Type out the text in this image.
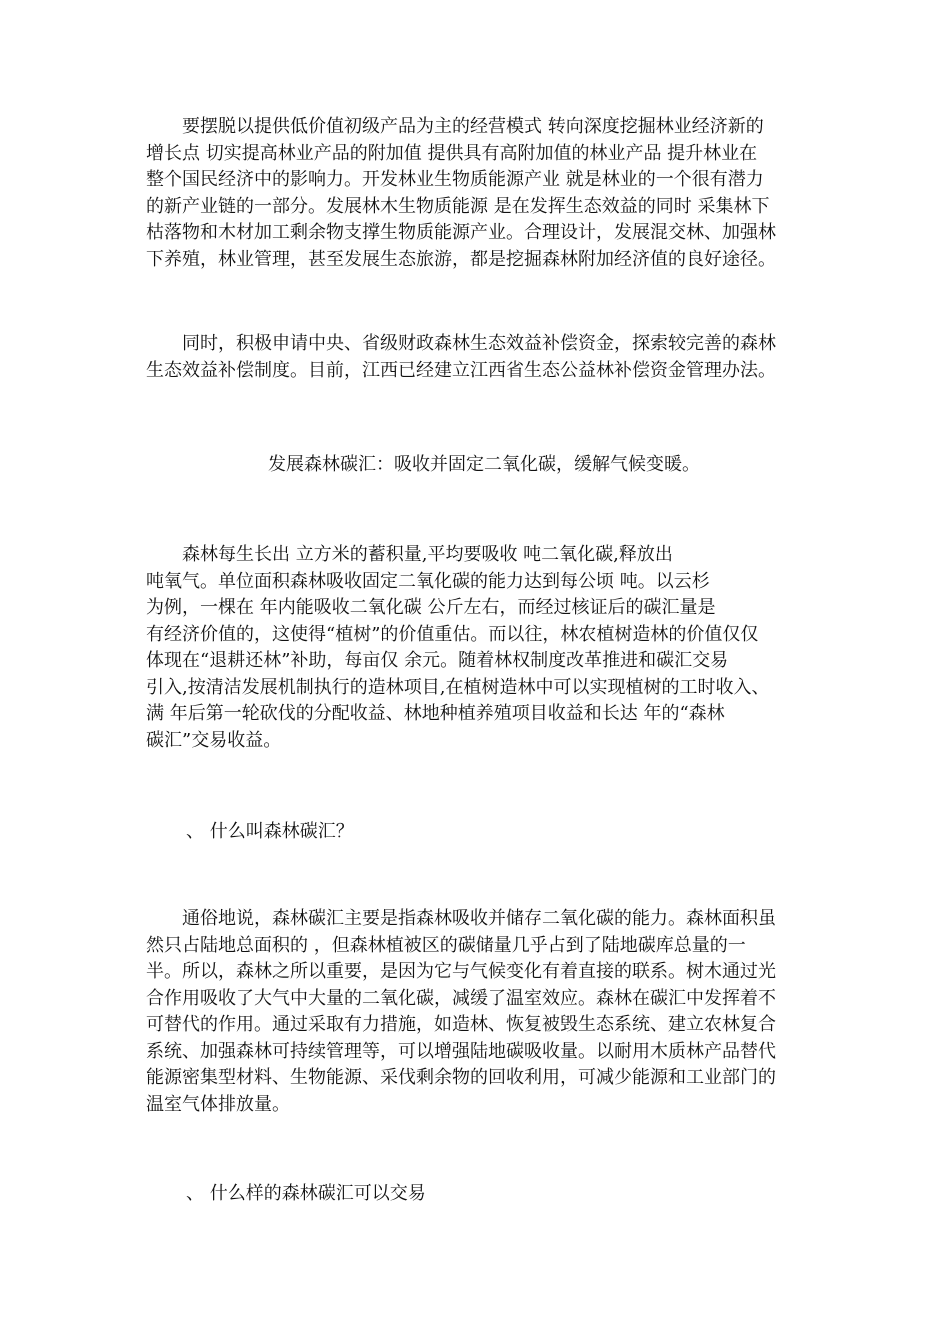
要摆脱以提供低价值初级产品为主的经营模式 转向深度挖掘林业经济新的
增长点 切实提高林业产品的附加值 提供具有高附加值的林业产品 提升林业在
整个国民经济中的影响力。开发林业生物质能源产业 就是林业的一个很有潜力
的新产业链的一部分。发展林木生物质能源 是在发挥生态效益的同时 采集林下
枯落物和木材加工剩余物支撑生物质能源产业。合理设计，发展混交林、加强林
下养殖，林业管理，甚至发展生态旅游，都是挖掘森林附加经济值的良好途径。
同时，积极申请中央、省级财政森林生态效益补偿资金，探索较完善的森林
生态效益补偿制度。目前，江西已经建立江西省生态公益林补偿资金管理办法。
发展森林碳汇：吸收并固定二氧化碳，缓解气候变暖。
森林每生长出 立方米的蓄积量,平均要吸收 吨二氧化碳,释放出
吨氧气。单位面积森林吸收固定二氧化碳的能力达到每公顷 吨。以云杉
为例，一棵在 年内能吸收二氧化碳 公斤左右，而经过核证后的碳汇量是
有经济价值的，这使得“植树”的价值重估。而以往，林农植树造林的价值仅仅
体现在“退耕还林”补助，每亩仅 余元。随着林权制度改革推进和碳汇交易
引入,按清洁发展机制执行的造林项目,在植树造林中可以实现植树的工时收入、
满 年后第一轮砍伐的分配收益、林地种植养殖项目收益和长达 年的“森林
碳汇”交易收益。
、 什么叫森林碳汇？
通俗地说，森林碳汇主要是指森林吸收并储存二氧化碳的能力。森林面积虽
然只占陆地总面积的 ，但森林植被区的碳储量几乎占到了陆地碳库总量的一
半。所以，森林之所以重要，是因为它与气候变化有着直接的联系。树木通过光
合作用吸收了大气中大量的二氧化碳，减缓了温室效应。森林在碳汇中发挥着不
可替代的作用。通过采取有力措施，如造林、恢复被毁生态系统、建立农林复合
系统、加强森林可持续管理等，可以增强陆地碳吸收量。以耐用木质林产品替代
能源密集型材料、生物能源、采伐剩余物的回收利用，可减少能源和工业部门的
温室气体排放量。
、 什么样的森林碳汇可以交易
